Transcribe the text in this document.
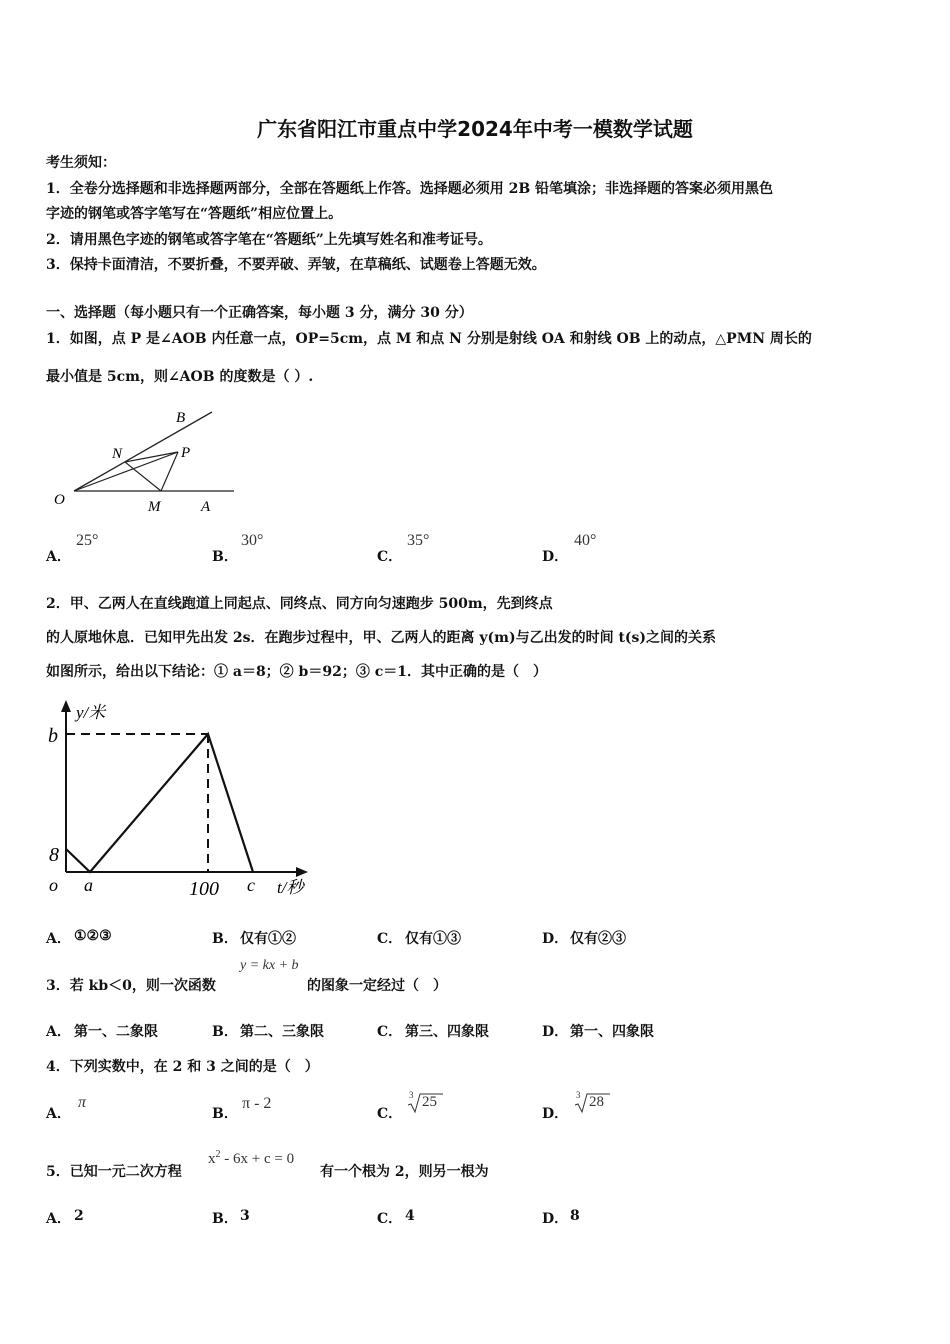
广东省阳江市重点中学2024年中考一模数学试题
考生须知：
1．全卷分选择题和非选择题两部分，全部在答题纸上作答。选择题必须用 2B 铅笔填涂；非选择题的答案必须用黑色
字迹的钢笔或答字笔写在“答题纸”相应位置上。
2．请用黑色字迹的钢笔或答字笔在“答题纸”上先填写姓名和准考证号。
3．保持卡面清洁，不要折叠，不要弄破、弄皱，在草稿纸、试题卷上答题无效。
一、选择题（每小题只有一个正确答案，每小题 3 分，满分 30 分）
1．如图，点 P 是∠AOB 内任意一点，OP=5cm，点 M 和点 N 分别是射线 OA 和射线 OB 上的动点，△PMN 周长的
最小值是 5cm，则∠AOB 的度数是（ ）.
O	A
B
N	P
M
A．
25°
B．
30°
C．
35°
D．
40°
2．甲、乙两人在直线跑道上同起点、同终点、同方向匀速跑步 500m，先到终点
的人原地休息．已知甲先出发 2s．在跑步过程中，甲、乙两人的距离 y(m)与乙出发的时间 t(s)之间的关系
如图所示，给出以下结论：① a＝8；② b＝92；③ c＝1．其中正确的是（　）
y/米
b
8
o a	100 c t/秒
A． ①②③	B． 仅有①②	C． 仅有①③	D． 仅有②③
3．若 kb＜0，则一次函数
y = kx + b
的图象一定经过（　）
A． 第一、二象限	B． 第二、三象限	C． 第三、四象限	D． 第一、四象限
4．下列实数中，在 2 和 3 之间的是（　）
A．
π
B．
π - 2
C．
3 25
D．
3 28
5．已知一元二次方程
$x^2 - 6x + c = 0$
有一个根为 2，则另一根为
A． 2	B． 3	C． 4	D． 8
